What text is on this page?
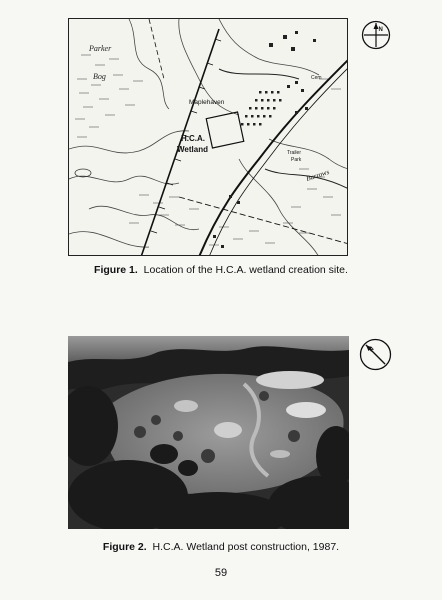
Parker
Bog
Maplehaven
H.C.A.
Wetland	Trailer
Park
Cem
Barrows
N
Figure 1. Location of the H.C.A. wetland creation site.
N
Figure 2. H.C.A. Wetland post construction, 1987.
59
